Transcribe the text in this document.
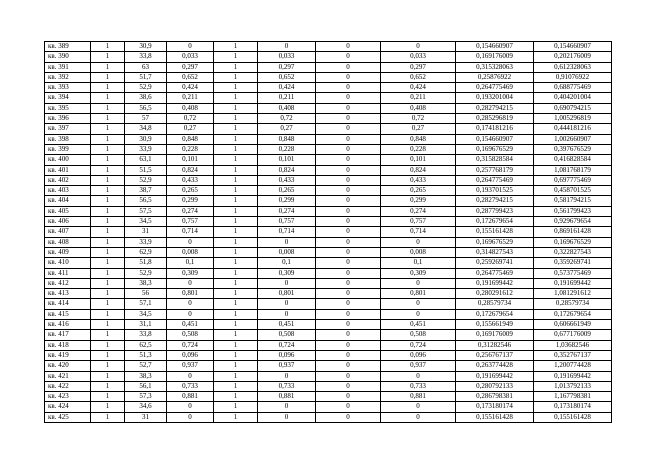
кв. 389	1	30,9	0	1	0	0	0	0,154660907	0,154660907
кв. 390	1	33,8	0,033	1	0,033	0	0,033	0,169176009	0,202176009
кв. 391	1	63	0,297	1	0,297	0	0,297	0,315328063	0,612328063
кв. 392	1	51,7	0,652	1	0,652	0	0,652	0,25876922	0,91076922
кв. 393	1	52,9	0,424	1	0,424	0	0,424	0,264775469	0,688775469
кв. 394	1	38,6	0,211	1	0,211	0	0,211	0,193201004	0,404201004
кв. 395	1	56,5	0,408	1	0,408	0	0,408	0,282794215	0,690794215
кв. 396	1	57	0,72	1	0,72	0	0,72	0,285296819	1,005296819
кв. 397	1	34,8	0,27	1	0,27	0	0,27	0,174181216	0,444181216
кв. 398	1	30,9	0,848	1	0,848	0	0,848	0,154660907	1,002660907
кв. 399	1	33,9	0,228	1	0,228	0	0,228	0,169676529	0,397676529
кв. 400	1	63,1	0,101	1	0,101	0	0,101	0,315828584	0,416828584
кв. 401	1	51,5	0,824	1	0,824	0	0,824	0,257768179	1,081768179
кв. 402	1	52,9	0,433	1	0,433	0	0,433	0,264775469	0,697775469
кв. 403	1	38,7	0,265	1	0,265	0	0,265	0,193701525	0,458701525
кв. 404	1	56,5	0,299	1	0,299	0	0,299	0,282794215	0,581794215
кв. 405	1	57,5	0,274	1	0,274	0	0,274	0,287799423	0,561799423
кв. 406	1	34,5	0,757	1	0,757	0	0,757	0,172679654	0,929679654
кв. 407	1	31	0,714	1	0,714	0	0,714	0,155161428	0,869161428
кв. 408	1	33,9	0	1	0	0	0	0,169676529	0,169676529
кв. 409	1	62,9	0,008	1	0,008	0	0,008	0,314827543	0,322827543
кв. 410	1	51,8	0,1	1	0,1	0	0,1	0,259269741	0,359269741
кв. 411	1	52,9	0,309	1	0,309	0	0,309	0,264775469	0,573775469
кв. 412	1	38,3	0	1	0	0	0	0,191699442	0,191699442
кв. 413	1	56	0,801	1	0,801	0	0,801	0,280291612	1,081291612
кв. 414	1	57,1	0	1	0	0	0	0,28579734	0,28579734
кв. 415	1	34,5	0	1	0	0	0	0,172679654	0,172679654
кв. 416	1	31,1	0,451	1	0,451	0	0,451	0,155661949	0,606661949
кв. 417	1	33,8	0,508	1	0,508	0	0,508	0,169176009	0,677176009
кв. 418	1	62,5	0,724	1	0,724	0	0,724	0,31282546	1,03682546
кв. 419	1	51,3	0,096	1	0,096	0	0,096	0,256767137	0,352767137
кв. 420	1	52,7	0,937	1	0,937	0	0,937	0,263774428	1,200774428
кв. 421	1	38,3	0	1	0	0	0	0,191699442	0,191699442
кв. 422	1	56,1	0,733	1	0,733	0	0,733	0,280792133	1,013792133
кв. 423	1	57,3	0,881	1	0,881	0	0,881	0,286798381	1,167798381
кв. 424	1	34,6	0	1	0	0	0	0,173180174	0,173180174
кв. 425	1	31	0	1	0	0	0	0,155161428	0,155161428
